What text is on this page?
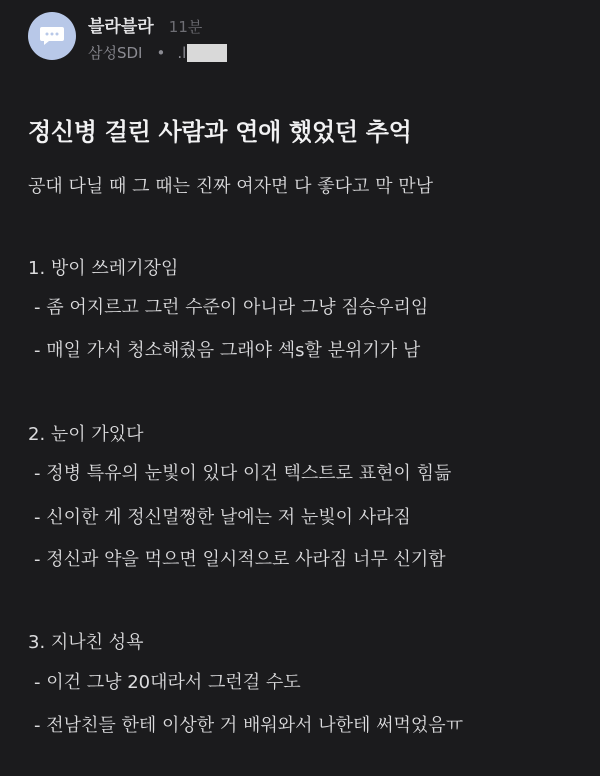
블라블라 11분
삼성SDI • .l
정신병 걸린 사람과 연애 했었던 추억
공대 다닐 때 그 때는 진짜 여자면 다 좋다고 막 만남
1. 방이 쓰레기장임
- 좀 어지르고 그런 수준이 아니라 그냥 짐승우리임
- 매일 가서 청소해줬음 그래야 섹s할 분위기가 남
2. 눈이 가있다
- 정병 특유의 눈빛이 있다 이건 텍스트로 표현이 힘듦
- 신이한 게 정신멀쩡한 날에는 저 눈빛이 사라짐
- 정신과 약을 먹으면 일시적으로 사라짐 너무 신기함
3. 지나친 성욕
- 이건 그냥 20대라서 그런걸 수도
- 전남친들 한테 이상한 거 배워와서 나한테 써먹었음ㅠ
